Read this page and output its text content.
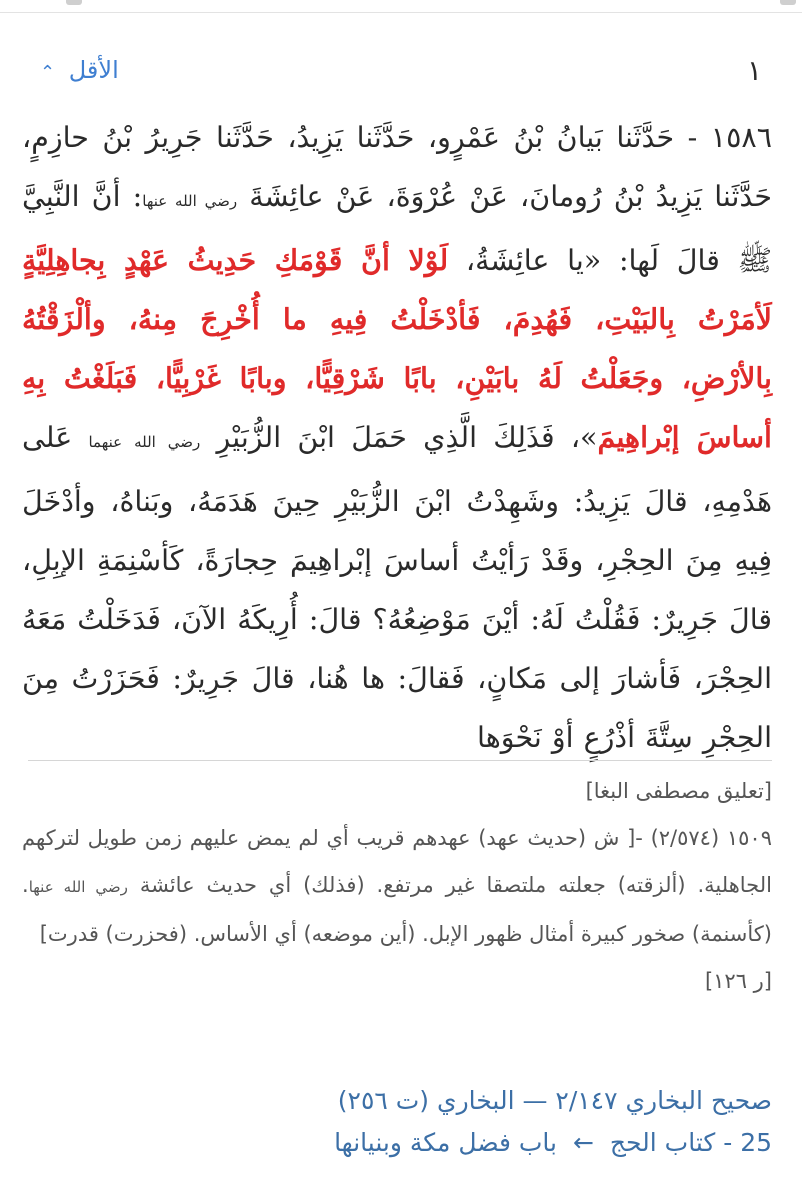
١
الأقل ⌃
١٥٨٦ - حَدَّثَنا بَيانُ بْنُ عَمْرٍو، حَدَّثَنا يَزِيدُ، حَدَّثَنا جَرِيرُ بْنُ حازِمٍ، حَدَّثَنا يَزِيدُ بْنُ رُومانَ، عَنْ عُرْوَةَ، عَنْ عائِشَةَ رضي الله عنها: أنَّ النَّبِيَّ ﷺ قالَ لَها: «يا عائِشَةُ، لَوْلا أنَّ قَوْمَكِ حَدِيثُ عَهْدٍ بِجاهِلِيَّةٍ لَأمَرْتُ بِالبَيْتِ، فَهُدِمَ، فَأدْخَلْتُ فِيهِ ما أُخْرِجَ مِنهُ، وألْزَقْتُهُ بِالأرْضِ، وجَعَلْتُ لَهُ بابَيْنِ، بابًا شَرْقِيًّا، وبابًا غَرْبِيًّا، فَبَلَغْتُ بِهِ أساسَ إبْراهِيمَ»، فَذَلِكَ الَّذِي حَمَلَ ابْنَ الزُّبَيْرِ رضي الله عنهما عَلى هَدْمِهِ، قالَ يَزِيدُ: وشَهِدْتُ ابْنَ الزُّبَيْرِ حِينَ هَدَمَهُ، وبَناهُ، وأدْخَلَ فِيهِ مِنَ الحِجْرِ، وقَدْ رَأيْتُ أساسَ إبْراهِيمَ حِجارَةً، كَأسْنِمَةِ الإبِلِ، قالَ جَرِيرٌ: فَقُلْتُ لَهُ: أيْنَ مَوْضِعُهُ؟ قالَ: أُرِيكَهُ الآنَ، فَدَخَلْتُ مَعَهُ الحِجْرَ، فَأشارَ إلى مَكانٍ، فَقالَ: ها هُنا، قالَ جَرِيرٌ: فَحَزَرْتُ مِنَ الحِجْرِ سِتَّةَ أذْرُعٍ أوْ نَحْوَها

[تعليق مصطفى البغا]

١٥٠٩ (٢/٥٧٤) -[ ش (حديث عهد) عهدهم قريب أي لم يمض عليهم زمن طويل لتركهم الجاهلية. (ألزقته) جعلته ملتصقا غير مرتفع. (فذلك) أي حديث عائشة رضي الله عنها. (كأسنمة) صخور كبيرة أمثال ظهور الإبل. (أين موضعه) أي الأساس. (فحزرت) قدرت]

[ر ١٢٦]

صحيح البخاري ٢/١٤٧ — البخاري (ت ٢٥٦)
25 - كتاب الحج ← باب فضل مكة وبنيانها
